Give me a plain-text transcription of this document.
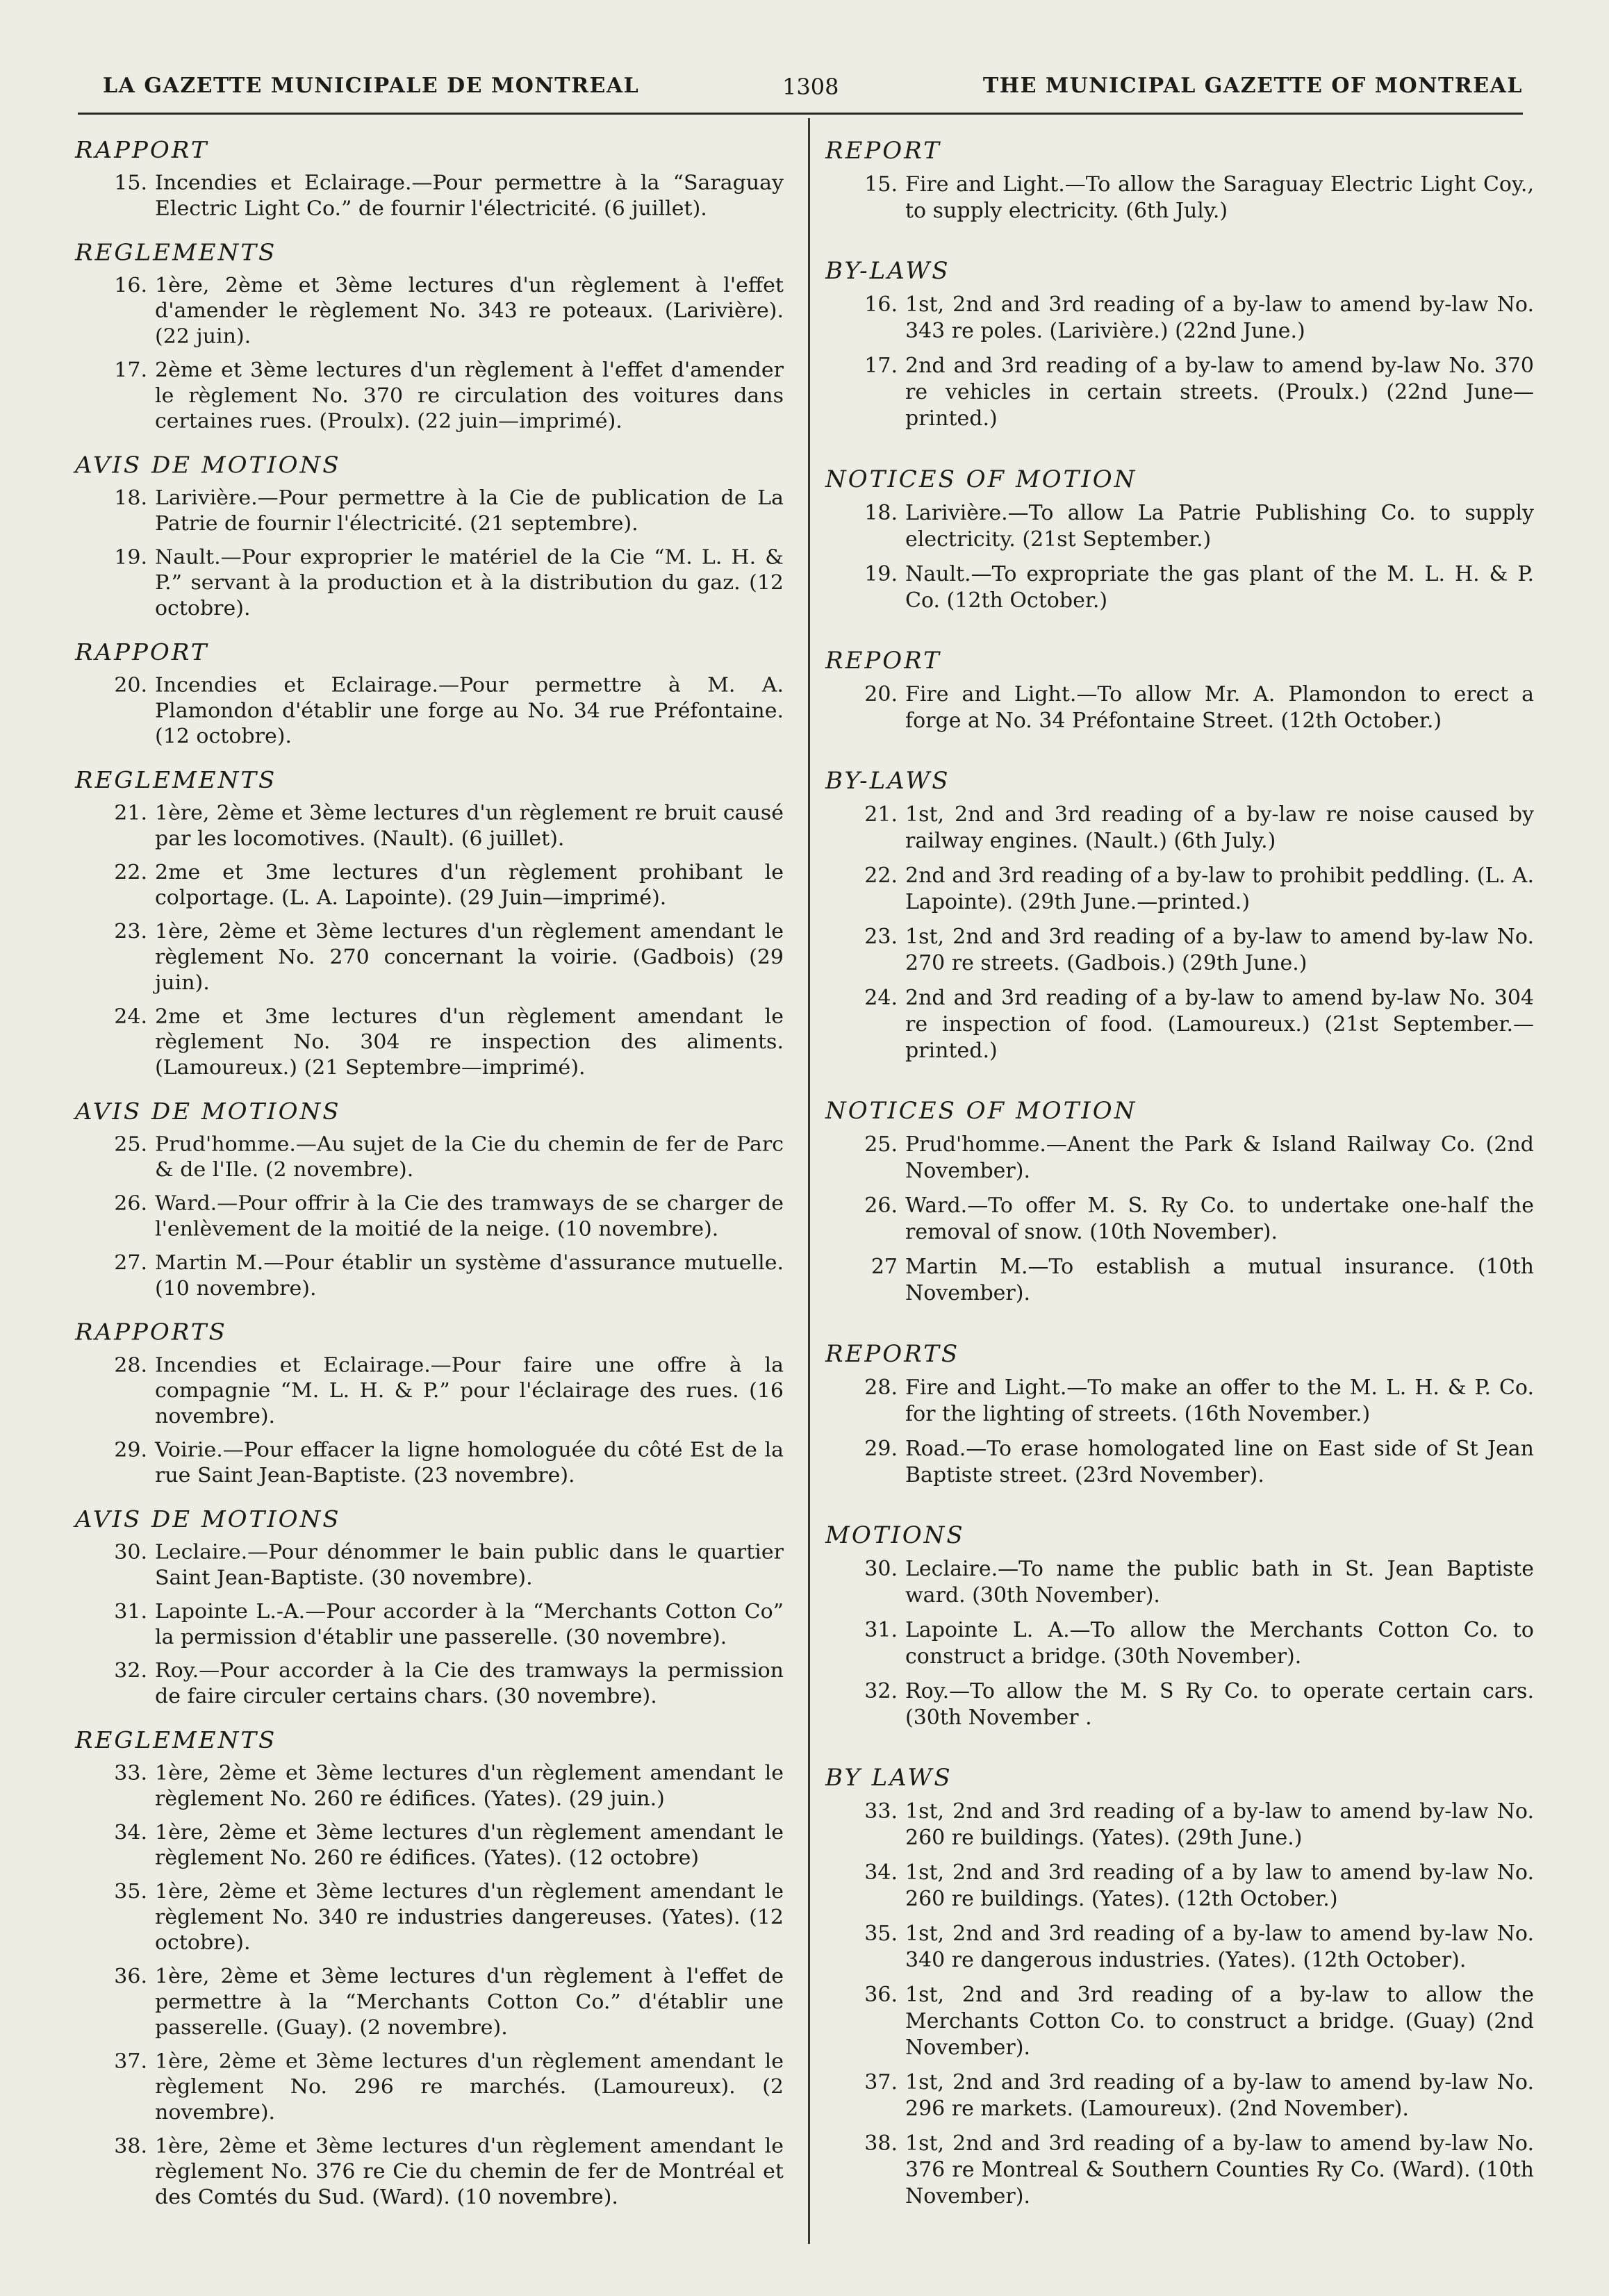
LA GAZETTE MUNICIPALE DE MONTREAL	1308	THE MUNICIPAL GAZETTE OF MONTREAL
RAPPORT
15. Incendies et Eclairage.—Pour permettre à la “Saraguay Electric Light Co.” de fournir l'électricité. (6 juillet).
REGLEMENTS
16. 1ère, 2ème et 3ème lectures d'un règlement à l'effet d'amender le règlement No. 343 re poteaux. (Larivière). (22 juin).
17. 2ème et 3ème lectures d'un règlement à l'effet d'amender le règlement No. 370 re circulation des voitures dans certaines rues. (Proulx). (22 juin—imprimé).
AVIS DE MOTIONS
18. Larivière.—Pour permettre à la Cie de publication de La Patrie de fournir l'électricité. (21 septembre).
19. Nault.—Pour exproprier le matériel de la Cie “M. L. H. & P.” servant à la production et à la distribution du gaz. (12 octobre).
RAPPORT
20. Incendies et Eclairage.—Pour permettre à M. A. Plamondon d'établir une forge au No. 34 rue Préfontaine. (12 octobre).
REGLEMENTS
21. 1ère, 2ème et 3ème lectures d'un règlement re bruit causé par les locomotives. (Nault). (6 juillet).
22. 2me et 3me lectures d'un règlement prohibant le colportage. (L. A. Lapointe). (29 Juin—imprimé).
23. 1ère, 2ème et 3ème lectures d'un règlement amendant le règlement No. 270 concernant la voirie. (Gadbois) (29 juin).
24. 2me et 3me lectures d'un règlement amendant le règlement No. 304 re inspection des aliments. (Lamoureux.) (21 Septembre—imprimé).
AVIS DE MOTIONS
25. Prud'homme.—Au sujet de la Cie du chemin de fer de Parc & de l'Ile. (2 novembre).
26. Ward.—Pour offrir à la Cie des tramways de se charger de l'enlèvement de la moitié de la neige. (10 novembre).
27. Martin M.—Pour établir un système d'assurance mutuelle. (10 novembre).
RAPPORTS
28. Incendies et Eclairage.—Pour faire une offre à la compagnie “M. L. H. & P.” pour l'éclairage des rues. (16 novembre).
29. Voirie.—Pour effacer la ligne homologuée du côté Est de la rue Saint Jean-Baptiste. (23 novembre).
AVIS DE MOTIONS
30. Leclaire.—Pour dénommer le bain public dans le quartier Saint Jean-Baptiste. (30 novembre).
31. Lapointe L.-A.—Pour accorder à la “Merchants Cotton Co” la permission d'établir une passerelle. (30 novembre).
32. Roy.—Pour accorder à la Cie des tramways la permission de faire circuler certains chars. (30 novembre).
REGLEMENTS
33. 1ère, 2ème et 3ème lectures d'un règlement amendant le règlement No. 260 re édifices. (Yates). (29 juin.)
34. 1ère, 2ème et 3ème lectures d'un règlement amendant le règlement No. 260 re édifices. (Yates). (12 octobre)
35. 1ère, 2ème et 3ème lectures d'un règlement amendant le règlement No. 340 re industries dangereuses. (Yates). (12 octobre).
36. 1ère, 2ème et 3ème lectures d'un règlement à l'effet de permettre à la “Merchants Cotton Co.” d'établir une passerelle. (Guay). (2 novembre).
37. 1ère, 2ème et 3ème lectures d'un règlement amendant le règlement No. 296 re marchés. (Lamoureux). (2 novembre).
38. 1ère, 2ème et 3ème lectures d'un règlement amendant le règlement No. 376 re Cie du chemin de fer de Montréal et des Comtés du Sud. (Ward). (10 novembre).
REPORT
15. Fire and Light.—To allow the Saraguay Electric Light Coy., to supply electricity. (6th July.)
BY-LAWS
16. 1st, 2nd and 3rd reading of a by-law to amend by-law No. 343 re poles. (Larivière.) (22nd June.)
17. 2nd and 3rd reading of a by-law to amend by-law No. 370 re vehicles in certain streets. (Proulx.) (22nd June—printed.)
NOTICES OF MOTION
18. Larivière.—To allow La Patrie Publishing Co. to supply electricity. (21st September.)
19. Nault.—To expropriate the gas plant of the M. L. H. & P. Co. (12th October.)
REPORT
20. Fire and Light.—To allow Mr. A. Plamondon to erect a forge at No. 34 Préfontaine Street. (12th October.)
BY-LAWS
21. 1st, 2nd and 3rd reading of a by-law re noise caused by railway engines. (Nault.) (6th July.)
22. 2nd and 3rd reading of a by-law to prohibit peddling. (L. A. Lapointe). (29th June.—printed.)
23. 1st, 2nd and 3rd reading of a by-law to amend by-law No. 270 re streets. (Gadbois.) (29th June.)
24. 2nd and 3rd reading of a by-law to amend by-law No. 304 re inspection of food. (Lamoureux.) (21st September.—printed.)
NOTICES OF MOTION
25. Prud'homme.—Anent the Park & Island Railway Co. (2nd November).
26. Ward.—To offer M. S. Ry Co. to undertake one-half the removal of snow. (10th November).
27 Martin M.—To establish a mutual insurance. (10th November).
REPORTS
28. Fire and Light.—To make an offer to the M. L. H. & P. Co. for the lighting of streets. (16th November.)
29. Road.—To erase homologated line on East side of St Jean Baptiste street. (23rd November).
MOTIONS
30. Leclaire.—To name the public bath in St. Jean Baptiste ward. (30th November).
31. Lapointe L. A.—To allow the Merchants Cotton Co. to construct a bridge. (30th November).
32. Roy.—To allow the M. S Ry Co. to operate certain cars. (30th November .
BY LAWS
33. 1st, 2nd and 3rd reading of a by-law to amend by-law No. 260 re buildings. (Yates). (29th June.)
34. 1st, 2nd and 3rd reading of a by law to amend by-law No. 260 re buildings. (Yates). (12th October.)
35. 1st, 2nd and 3rd reading of a by-law to amend by-law No. 340 re dangerous industries. (Yates). (12th October).
36. 1st, 2nd and 3rd reading of a by-law to allow the Merchants Cotton Co. to construct a bridge. (Guay) (2nd November).
37. 1st, 2nd and 3rd reading of a by-law to amend by-law No. 296 re markets. (Lamoureux). (2nd November).
38. 1st, 2nd and 3rd reading of a by-law to amend by-law No. 376 re Montreal & Southern Counties Ry Co. (Ward). (10th November).
